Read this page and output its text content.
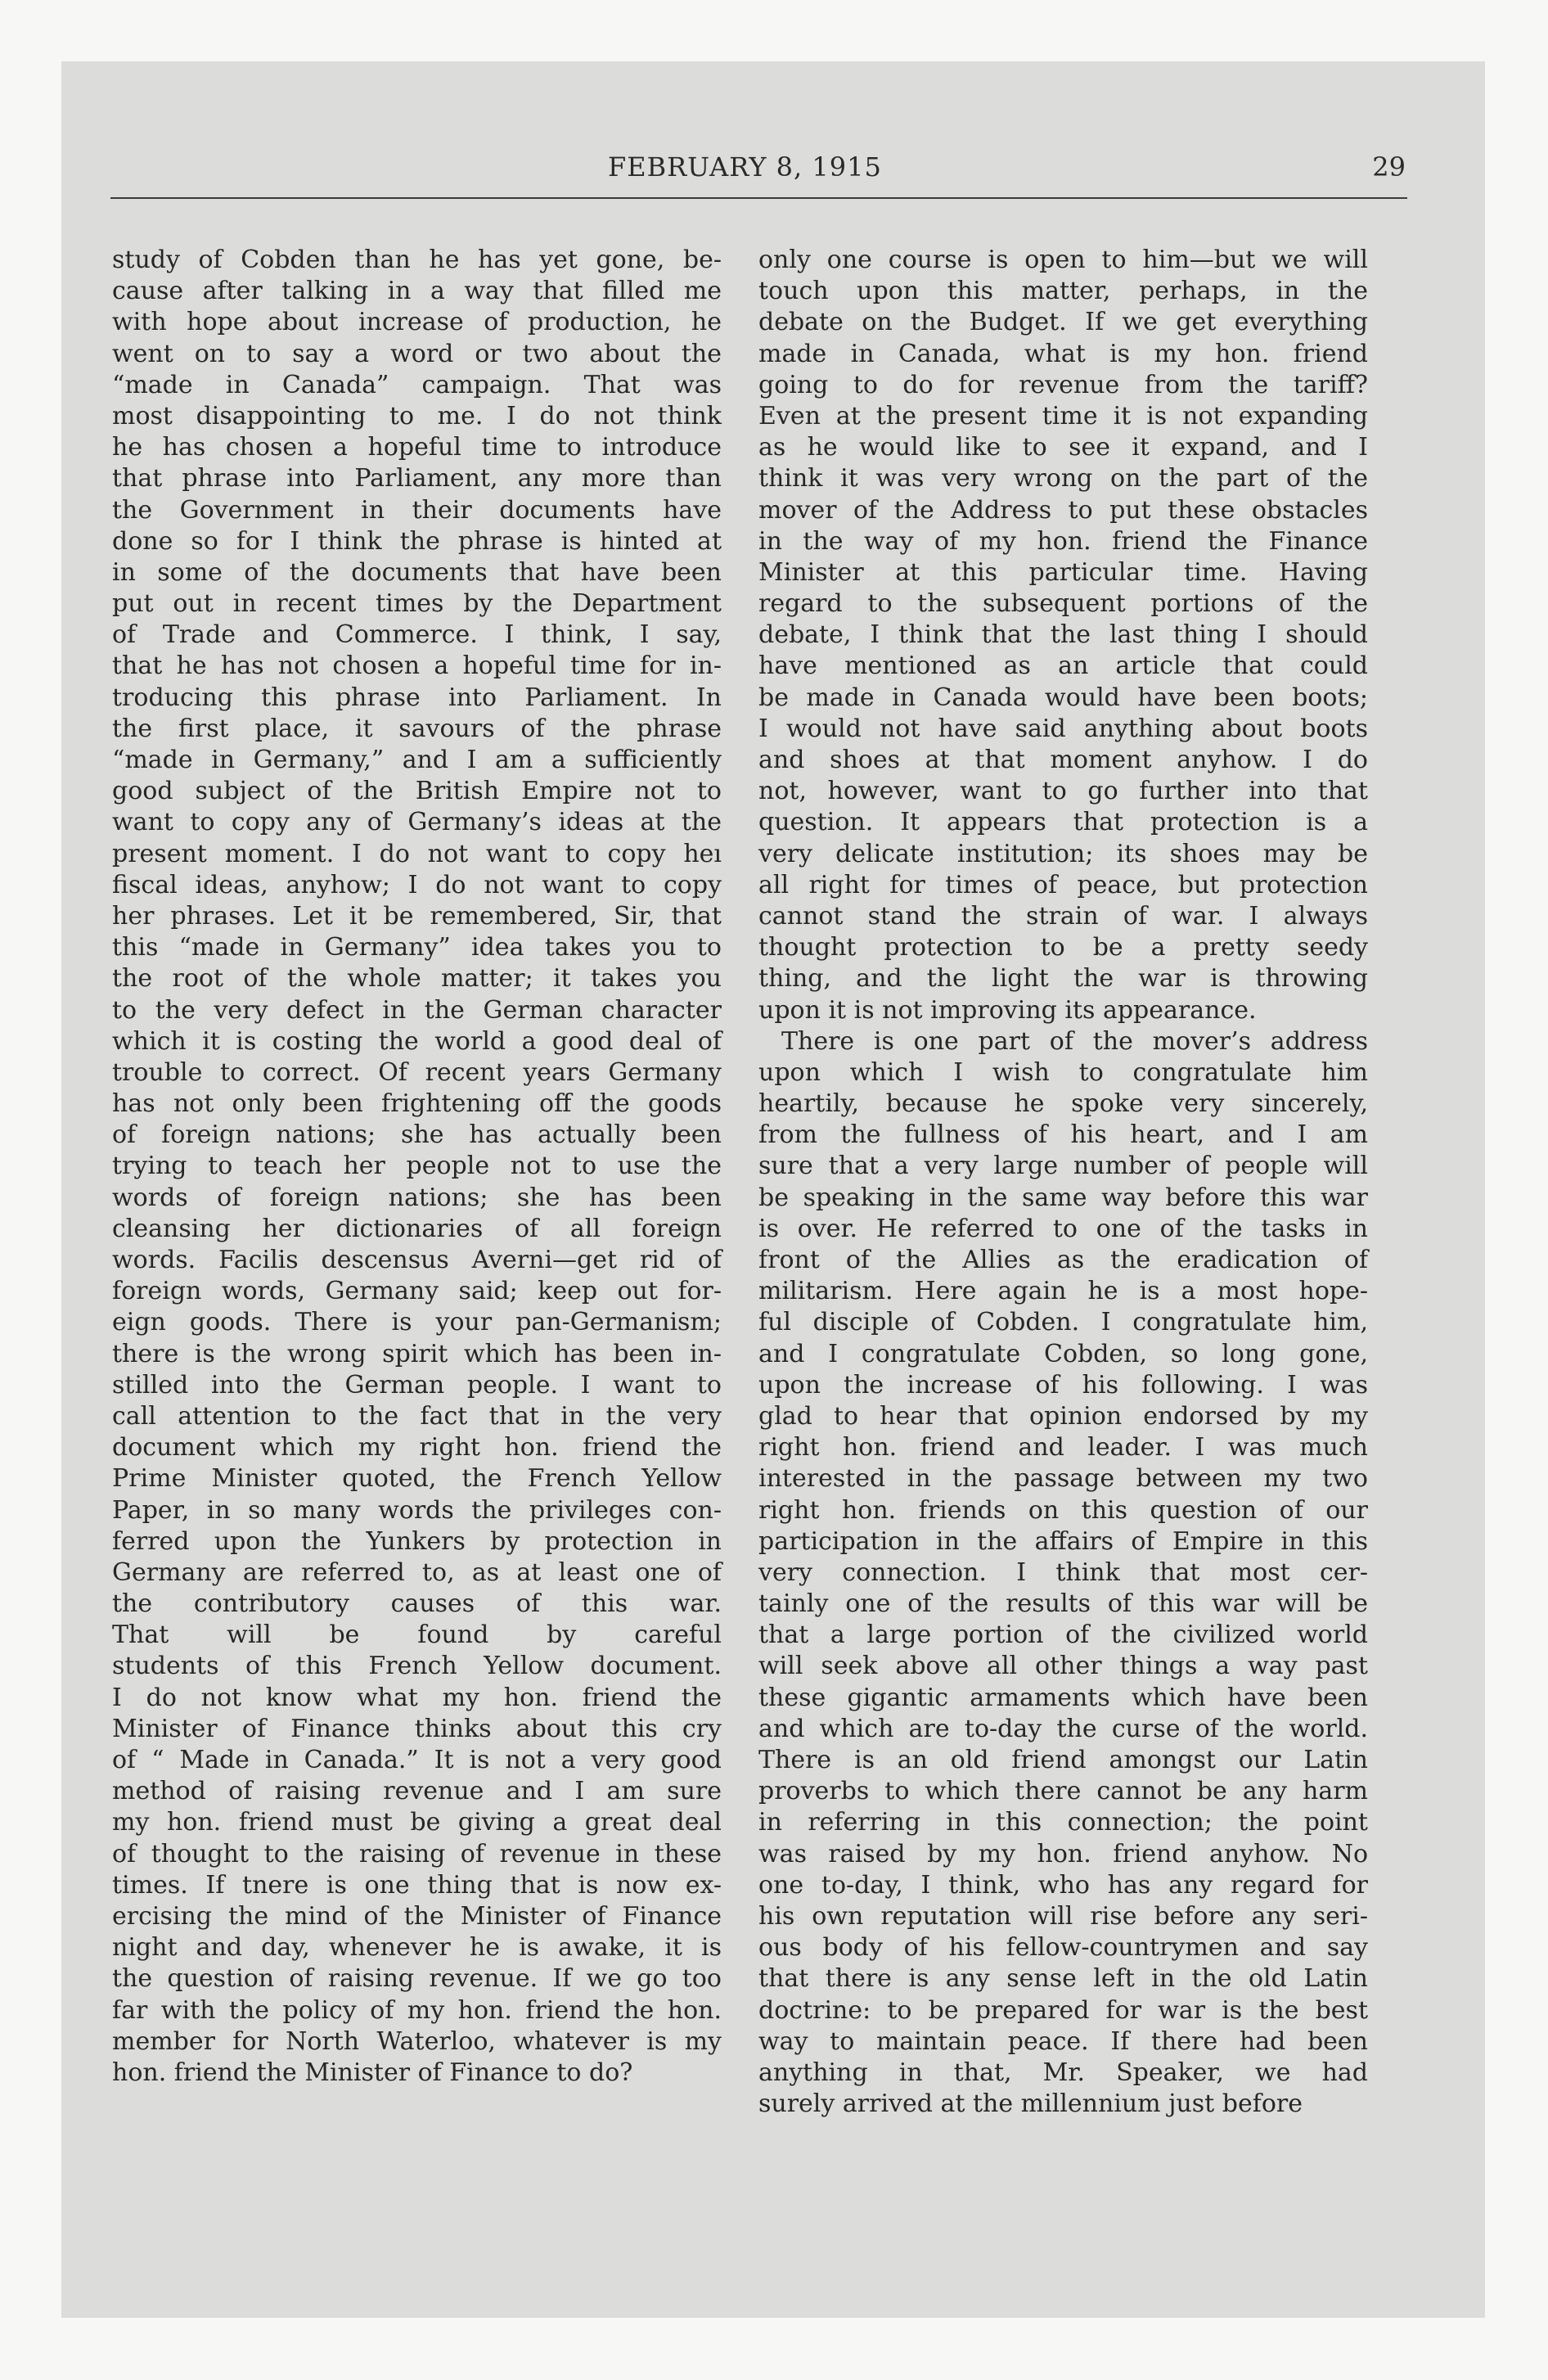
FEBRUARY 8, 1915	29
study of Cobden than he has yet gone, be-
cause after talking in a way that filled me
with hope about increase of production, he
went on to say a word or two about the
“made in Canada” campaign. That was
most disappointing to me. I do not think
he has chosen a hopeful time to introduce
that phrase into Parliament, any more than
the Government in their documents have
done so for I think the phrase is hinted at
in some of the documents that have been
put out in recent times by the Department
of Trade and Commerce. I think, I say,
that he has not chosen a hopeful time for in-
troducing this phrase into Parliament. In
the first place, it savours of the phrase
“made in Germany,” and I am a sufficiently
good subject of the British Empire not to
want to copy any of Germany’s ideas at the
present moment. I do not want to copy heı
fiscal ideas, anyhow; I do not want to copy
her phrases. Let it be remembered, Sir, that
this “made in Germany” idea takes you to
the root of the whole matter; it takes you
to the very defect in the German character
which it is costing the world a good deal of
trouble to correct. Of recent years Germany
has not only been frightening off the goods
of foreign nations; she has actually been
trying to teach her people not to use the
words of foreign nations; she has been
cleansing her dictionaries of all foreign
words. Facilis descensus Averni—get rid of
foreign words, Germany said; keep out for-
eign goods. There is your pan-Germanism;
there is the wrong spirit which has been in-
stilled into the German people. I want to
call attention to the fact that in the very
document which my right hon. friend the
Prime Minister quoted, the French Yellow
Paper, in so many words the privileges con-
ferred upon the Yunkers by protection in
Germany are referred to, as at least one of
the contributory causes of this war.
That will be found by careful
students of this French Yellow document.
I do not know what my hon. friend the
Minister of Finance thinks about this cry
of “ Made in Canada.” It is not a very good
method of raising revenue and I am sure
my hon. friend must be giving a great deal
of thought to the raising of revenue in these
times. If tnere is one thing that is now ex-
ercising the mind of the Minister of Finance
night and day, whenever he is awake, it is
the question of raising revenue. If we go too
far with the policy of my hon. friend the hon.
member for North Waterloo, whatever is my
hon. friend the Minister of Finance to do?
only one course is open to him—but we will
touch upon this matter, perhaps, in the
debate on the Budget. If we get everything
made in Canada, what is my hon. friend
going to do for revenue from the tariff?
Even at the present time it is not expanding
as he would like to see it expand, and I
think it was very wrong on the part of the
mover of the Address to put these obstacles
in the way of my hon. friend the Finance
Minister at this particular time. Having
regard to the subsequent portions of the
debate, I think that the last thing I should
have mentioned as an article that could
be made in Canada would have been boots;
I would not have said anything about boots
and shoes at that moment anyhow. I do
not, however, want to go further into that
question. It appears that protection is a
very delicate institution; its shoes may be
all right for times of peace, but protection
cannot stand the strain of war. I always
thought protection to be a pretty seedy
thing, and the light the war is throwing
upon it is not improving its appearance.
There is one part of the mover’s address
upon which I wish to congratulate him
heartily, because he spoke very sincerely,
from the fullness of his heart, and I am
sure that a very large number of people will
be speaking in the same way before this war
is over. He referred to one of the tasks in
front of the Allies as the eradication of
militarism. Here again he is a most hope-
ful disciple of Cobden. I congratulate him,
and I congratulate Cobden, so long gone,
upon the increase of his following. I was
glad to hear that opinion endorsed by my
right hon. friend and leader. I was much
interested in the passage between my two
right hon. friends on this question of our
participation in the affairs of Empire in this
very connection. I think that most cer-
tainly one of the results of this war will be
that a large portion of the civilized world
will seek above all other things a way past
these gigantic armaments which have been
and which are to-day the curse of the world.
There is an old friend amongst our Latin
proverbs to which there cannot be any harm
in referring in this connection; the point
was raised by my hon. friend anyhow. No
one to-day, I think, who has any regard for
his own reputation will rise before any seri-
ous body of his fellow-countrymen and say
that there is any sense left in the old Latin
doctrine: to be prepared for war is the best
way to maintain peace. If there had been
anything in that, Mr. Speaker, we had
surely arrived at the millennium just before
